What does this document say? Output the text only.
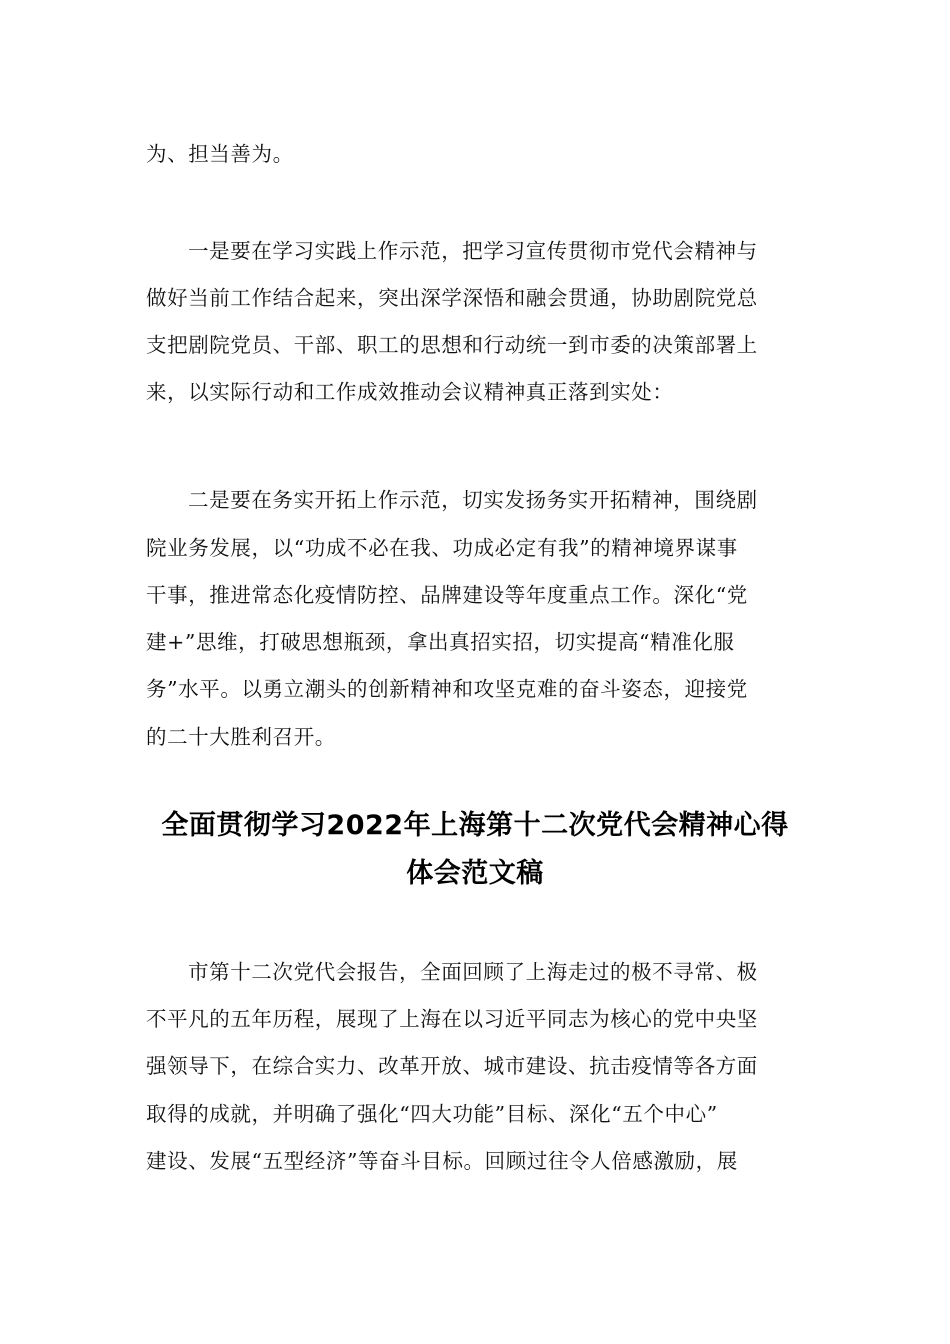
为、担当善为。
一是要在学习实践上作示范，把学习宣传贯彻市党代会精神与
做好当前工作结合起来，突出深学深悟和融会贯通，协助剧院党总
支把剧院党员、干部、职工的思想和行动统一到市委的决策部署上
来，以实际行动和工作成效推动会议精神真正落到实处：
二是要在务实开拓上作示范，切实发扬务实开拓精神，围绕剧
院业务发展，以“功成不必在我、功成必定有我”的精神境界谋事
干事，推进常态化疫情防控、品牌建设等年度重点工作。深化“党
建+”思维，打破思想瓶颈，拿出真招实招，切实提高“精准化服
务”水平。以勇立潮头的创新精神和攻坚克难的奋斗姿态，迎接党
的二十大胜利召开。
全面贯彻学习2022年上海第十二次党代会精神心得
体会范文稿
市第十二次党代会报告，全面回顾了上海走过的极不寻常、极
不平凡的五年历程，展现了上海在以习近平同志为核心的党中央坚
强领导下，在综合实力、改革开放、城市建设、抗击疫情等各方面
取得的成就，并明确了强化“四大功能”目标、深化“五个中心”
建设、发展“五型经济”等奋斗目标。回顾过往令人倍感激励，展
